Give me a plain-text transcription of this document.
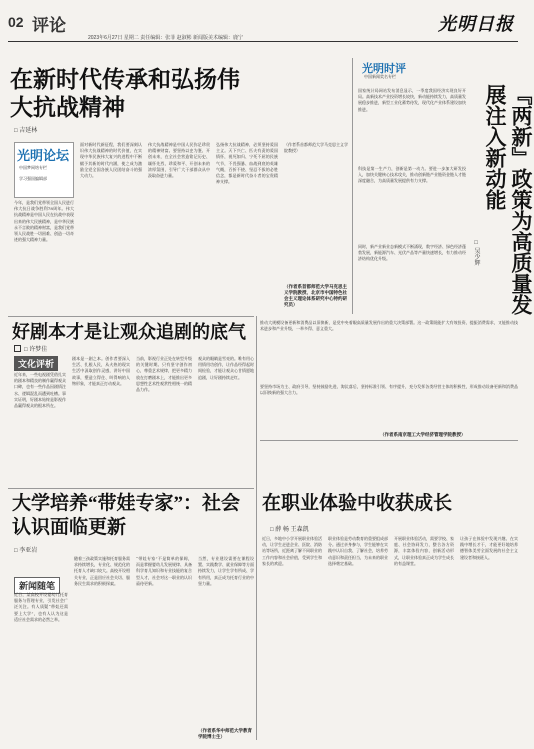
02 评论
2023年6月27日 星期二 责任编辑：张菲 赵淑彬 新闻版美术编辑：鹿宁
光明日报
在新时代传承和弘扬伟大抗战精神
□ 吉延林
光明论坛
中国梦网络专栏
学习强国编辑部
今年，是我们党带领全国人民进行伟大抗日战争胜利78周年。伟大抗战精神是中国人民在抗战中表现出来的伟大民族精神，是中华民族永不言败的精神财富，是我们党带领人民战胜一切困难、创造一切奇迹的强大精神力量。
面对新时代新征程，我们要深刻认识伟大抗战精神的时代价值，在实现中华民族伟大复兴的进程中不断赋予其新的时代内涵，使之成为激励全党全国各族人民团结奋斗的强大动力。
伟大抗战精神是中国人民弥足珍贵的精神财富。要坚持以史为鉴、开创未来，在全社会营造铭记历史、缅怀先烈、珍爱和平、开创未来的浓厚氛围，引导广大干部群众从中汲取奋进力量。
弘扬伟大抗战精神，必须坚持爱国主义。天下兴亡、匹夫有责的爱国情怀，视死如归、宁死不屈的民族气节，不畏强暴、血战到底的英雄气概，百折不挠、坚忍不拔的必胜信念，都是新时代奋斗者的宝贵精神支撑。
（作者系首都师范大学马克思主义学院教授）
（作者系首都师范大学马克思主义学院教授、北京市中国特色社会主义理论体系研究中心特约研究员）
光明时评
中国新闻奖名专栏
国家统计局网站发布消息显示，一季度我国经济实现良好开局。高新技术产业投资增长较快，新动能持续发力，高质量发展稳步推进，新型工业化蓄势待发，现代化产业体系建设加快推进。
科技是第一生产力，创新是第一动力。要进一步加大研发投入，加快关键核心技术攻关，推动创新链产业链资金链人才链深度融合，为高质量发展提供有力支撑。
同时，新产业新业态新模式不断涌现，数字经济、绿色经济蓬勃发展，新能源汽车、光伏产品等产量快速增长，有力推动经济结构优化升级。	『两新』政策为高质量发展注入新动能
□ 吴少辉
推动大规模设备更新和消费品以旧换新，是党中央着眼高质量发展作出的重大决策部署。这一政策既能扩大有效投资、提振消费需求，又能推动技术进步和产业升级，一举多得、意义重大。
要坚持市场为主、政府引导，坚持鼓励先进、淘汰落后，坚持标准引领、有序提升，充分发挥各类经营主体的积极性，形成推动设备更新和消费品以旧换新的强大合力。
（作者系南京理工大学经济管理学院教授）
好剧本才是让观众追剧的底气
□ 许梦佳
文化评析
近年来，一些电视剧凭借扎实的剧本和精良的制作赢得观众口碑，也有一些作品因剧情注水、逻辑混乱而遭到吐槽。事实证明，好剧本始终是影视作品赢得观众的根本所在。
剧本是一剧之本。创作者要深入生活、扎根人民，从火热的现实生活中汲取创作灵感，讲好中国故事，塑造立得住、叫得响的人物形象，才能真正打动观众。
当前，影视行业正处在转型升级的关键时期。只有坚守创作初心，尊重艺术规律，把更多精力放在打磨剧本上，才能推出更多思想性艺术性观赏性相统一的精品力作。
观众的眼睛是雪亮的。唯有用心用情用功创作，让作品经得起时间检验，才能让观众心甘情愿地追剧，让好剧持续走红。
大学培养“带娃专家”：社会认识面临更新
□ 李亚岩
新闻随笔
近日，某高校开设婴幼儿托育服务与管理专业，引发社会广泛关注。有人质疑“带娃还需要上大学”，也有人认为这是适应社会需求的必然之举。
随着三孩政策实施和托育服务需求持续增长，专业化、规范化的托育人才缺口较大。高校开设相关专业，正是回应社会关切、服务民生需求的积极探索。
“带娃专家”不是简单的保姆，而是掌握婴幼儿发展规律、具备科学育儿知识和专业技能的复合型人才，社会对这一职业的认识亟待更新。
当然，专业建设需要在课程设置、实践教学、就业保障等方面持续发力，让学生学有所成、学有所用，真正成为托育行业的中坚力量。
（作者系华中师范大学教育学院博士生）
在职业体验中收获成长
□ 薛 畅 王森凯
近日，多地中小学开展职业体验活动，让学生走进企业、医院、消防站等场所，近距离了解不同职业的工作内容和社会价值，受到学生和家长的欢迎。
职业体验是劳动教育的重要组成部分。通过亲身参与，学生能够在实践中认识自我、了解社会，培养劳动意识和责任担当，为未来的职业选择奠定基础。
开展职业体验活动，需要学校、家庭、社会协同发力，整合各方资源，丰富体验内容，创新活动形式，让职业体验真正成为学生成长的有益课堂。
让孩子在体验中发现兴趣、在实践中增长才干，才能更好地培养德智体美劳全面发展的社会主义建设者和接班人。
